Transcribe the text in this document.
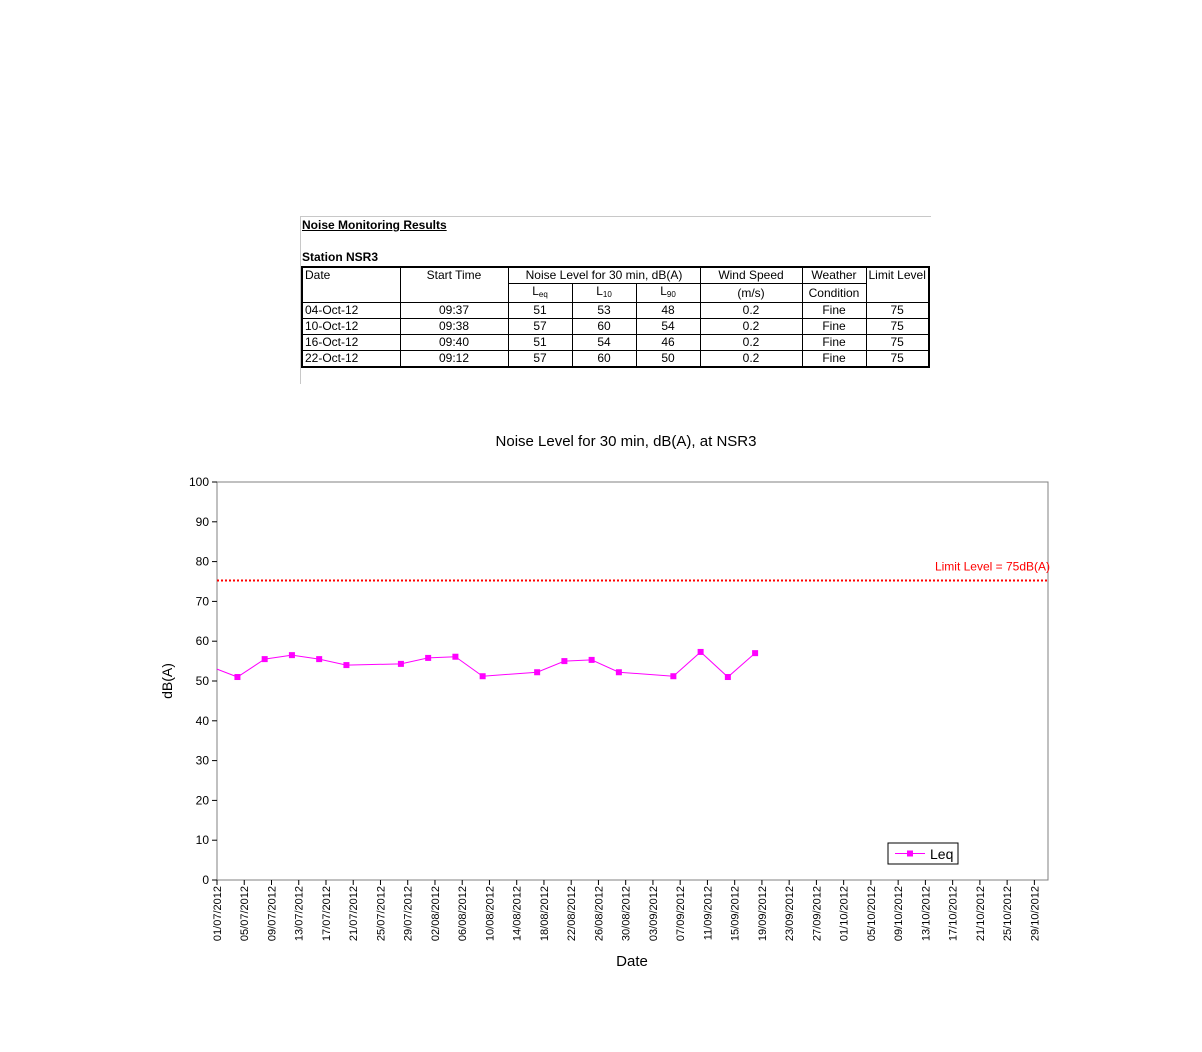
Noise Monitoring Results
Station NSR3
Date	Start Time	Noise Level for 30 min, dB(A)			Wind Speed	Weather	Limit Level
		$L_{eq}$	$L_{10}$	$L_{90}$	(m/s)	Condition	
04-Oct-12	09:37	51	53	48	0.2	Fine	75
10-Oct-12	09:38	57	60	54	0.2	Fine	75
16-Oct-12	09:40	51	54	46	0.2	Fine	75
22-Oct-12	09:12	57	60	50	0.2	Fine	75
Noise Level for 30 min, dB(A), at NSR3
0
10
20
30
40
50
60
70
80
90
100
01/07/2012 05/07/2012 09/07/2012 13/07/2012 17/07/2012 21/07/2012 25/07/2012 29/07/2012 02/08/2012 06/08/2012 10/08/2012 14/08/2012 18/08/2012 22/08/2012 26/08/2012 30/08/2012 03/09/2012 07/09/2012 11/09/2012 15/09/2012 19/09/2012 23/09/2012 27/09/2012 01/10/2012 05/10/2012 09/10/2012 13/10/2012 17/10/2012 21/10/2012 25/10/2012 29/10/2012
Limit Level = 75dB(A)
dB(A)
Date
Leq
